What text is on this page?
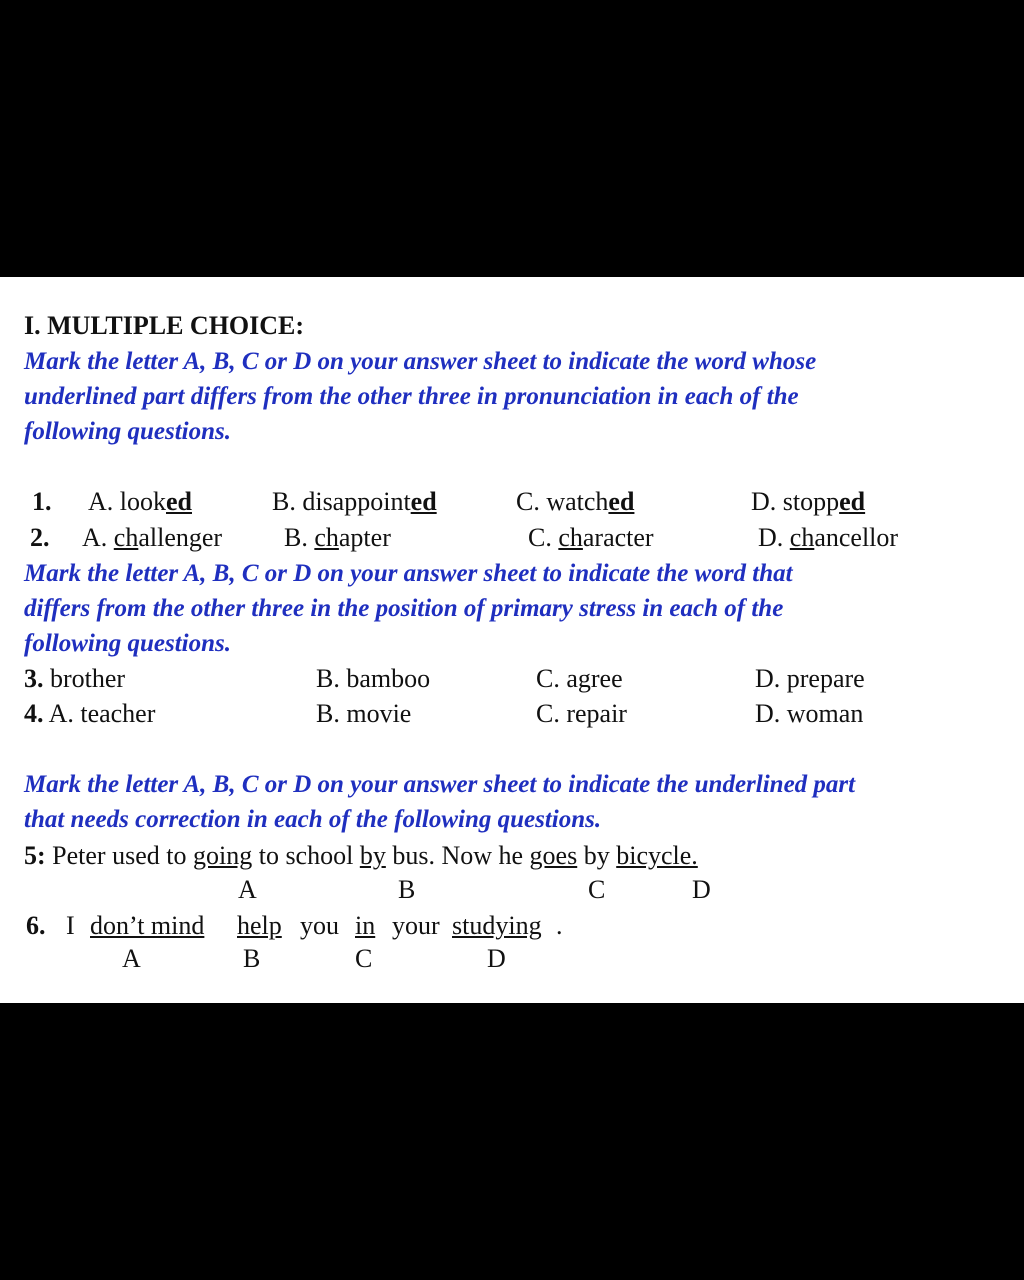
I. MULTIPLE CHOICE:
Mark the letter A, B, C or D on your answer sheet to indicate the word whose
underlined part differs from the other three in pronunciation in each of the
following questions.
1. A. looked	B. disappointed	C. watched	D. stopped
2. A. challenger B. chapter	C. character	D. chancellor
Mark the letter A, B, C or D on your answer sheet to indicate the word that
differs from the other three in the position of primary stress in each of the
following questions.
3. brother	B. bamboo	C. agree	D. prepare
4. A. teacher	B. movie	C. repair	D. woman
Mark the letter A, B, C or D on your answer sheet to indicate the underlined part
that needs correction in each of the following questions.
5: Peter used to going to school by bus. Now he goes by bicycle.
A	B	C	D
6. I don’t mind help you in your studying .
A	B	C	D
